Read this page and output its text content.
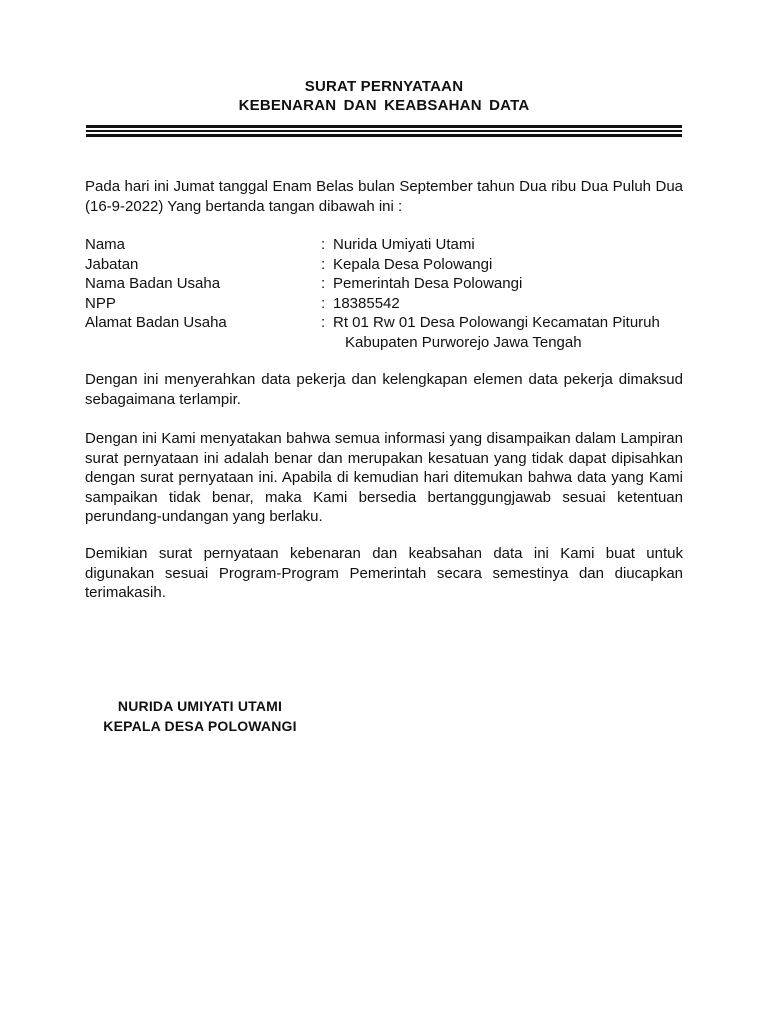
SURAT PERNYATAAN
KEBENARAN DAN KEABSAHAN DATA
Pada hari ini Jumat tanggal Enam Belas bulan September tahun Dua ribu Dua Puluh Dua (16-9-2022) Yang bertanda tangan dibawah ini :
Nama	: Nurida Umiyati Utami
Jabatan	: Kepala Desa Polowangi
Nama Badan Usaha	: Pemerintah Desa Polowangi
NPP	: 18385542
Alamat Badan Usaha	: Rt 01 Rw 01 Desa Polowangi Kecamatan Pituruh
Kabupaten Purworejo Jawa Tengah
Dengan ini menyerahkan data pekerja dan kelengkapan elemen data pekerja dimaksud sebagaimana terlampir.
Dengan ini Kami menyatakan bahwa semua informasi yang disampaikan dalam Lampiran surat pernyataan ini adalah benar dan merupakan kesatuan yang tidak dapat dipisahkan dengan surat pernyataan ini. Apabila di kemudian hari ditemukan bahwa data yang Kami sampaikan tidak benar, maka Kami bersedia bertanggungjawab sesuai ketentuan perundang-undangan yang berlaku.
Demikian surat pernyataan kebenaran dan keabsahan data ini Kami buat untuk digunakan sesuai Program-Program Pemerintah secara semestinya dan diucapkan terimakasih.
NURIDA UMIYATI UTAMI
KEPALA DESA POLOWANGI
